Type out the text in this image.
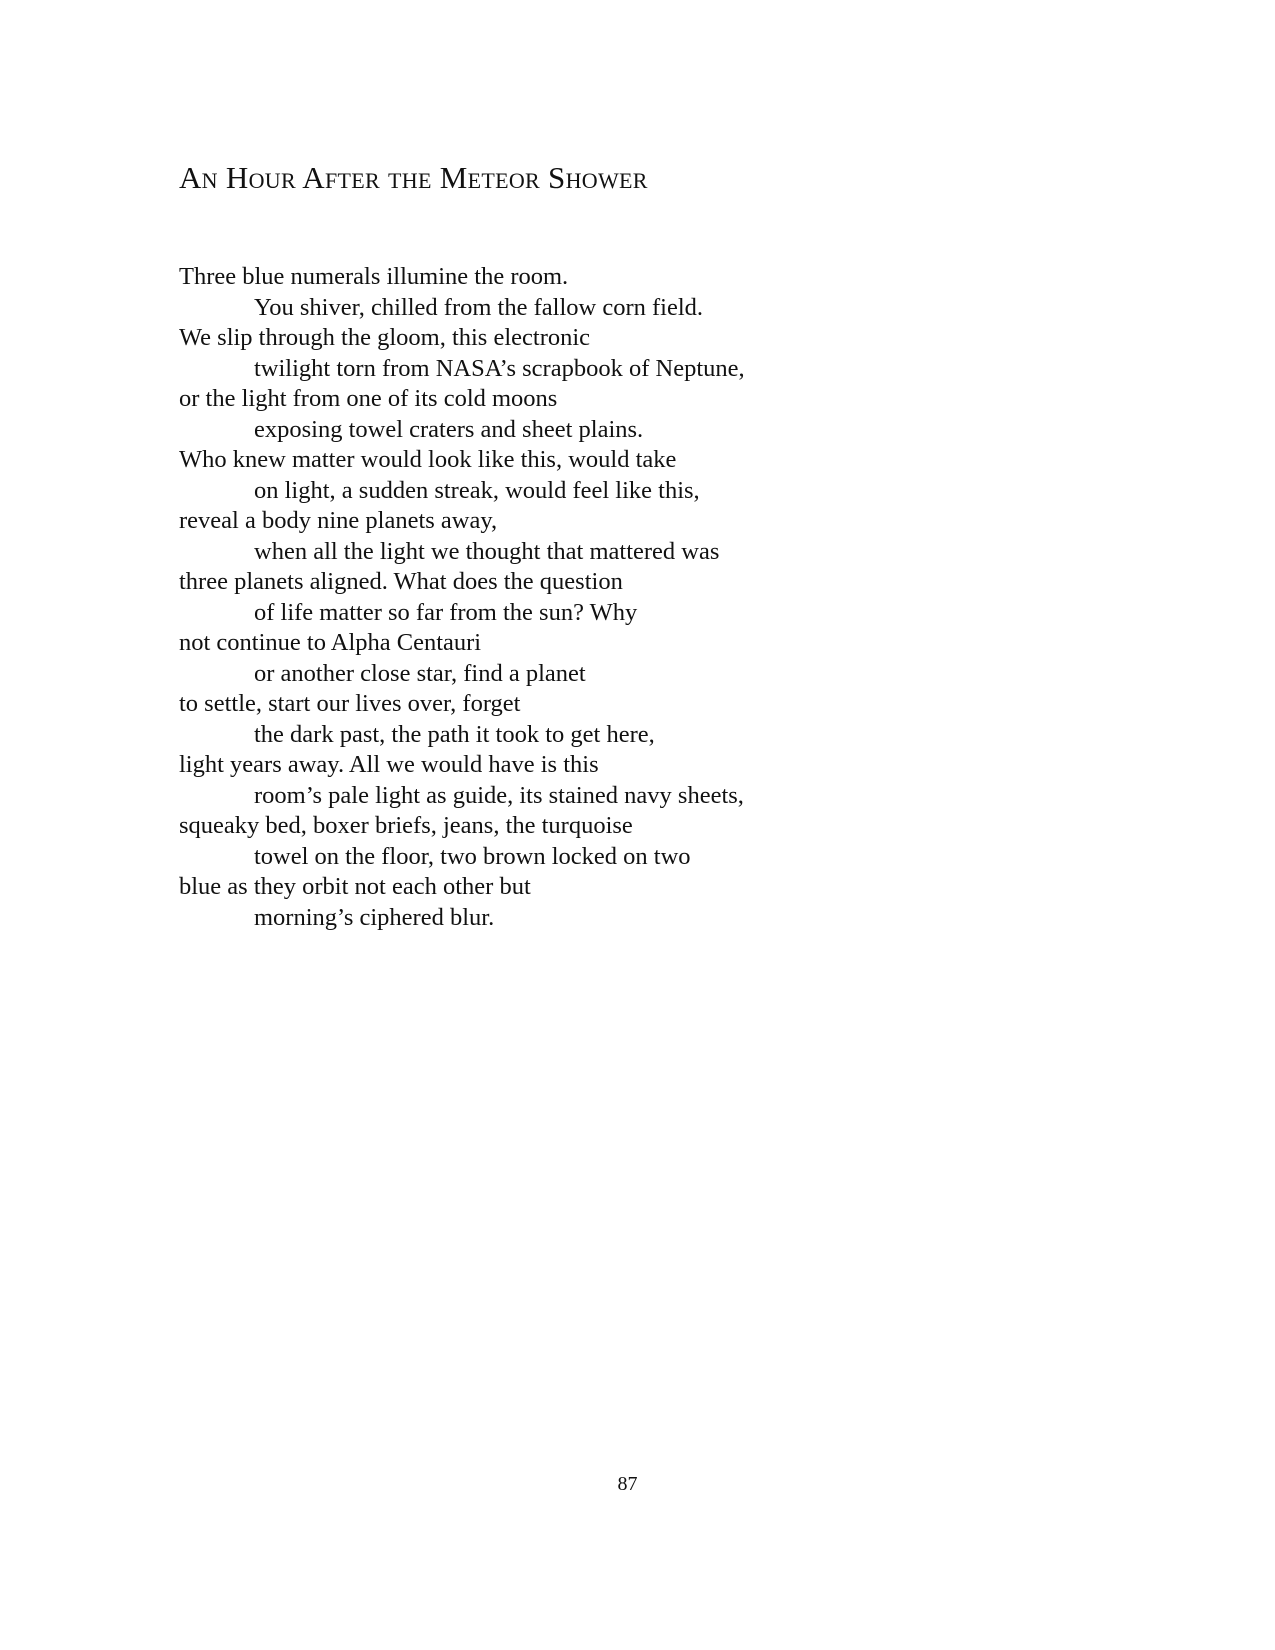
An Hour After the Meteor Shower
Three blue numerals illumine the room.
You shiver, chilled from the fallow corn field.
We slip through the gloom, this electronic
twilight torn from NASA’s scrapbook of Neptune,
or the light from one of its cold moons
exposing towel craters and sheet plains.
Who knew matter would look like this, would take
on light, a sudden streak, would feel like this,
reveal a body nine planets away,
when all the light we thought that mattered was
three planets aligned. What does the question
of life matter so far from the sun? Why
not continue to Alpha Centauri
or another close star, find a planet
to settle, start our lives over, forget
the dark past, the path it took to get here,
light years away. All we would have is this
room’s pale light as guide, its stained navy sheets,
squeaky bed, boxer briefs, jeans, the turquoise
towel on the floor, two brown locked on two
blue as they orbit not each other but
morning’s ciphered blur.
87
